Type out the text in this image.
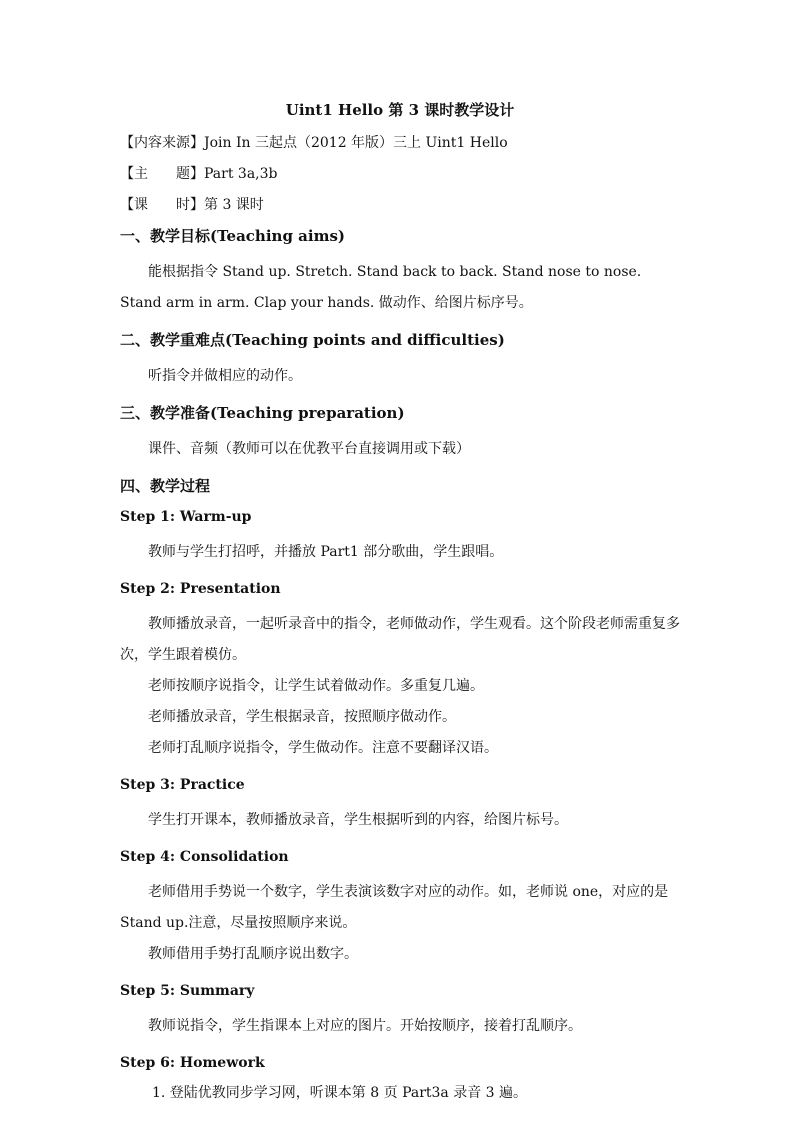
Uint1 Hello 第 3 课时教学设计
【内容来源】Join In 三起点（2012 年版）三上 Uint1 Hello
【主　　题】Part 3a,3b
【课　　时】第 3 课时
一、教学目标(Teaching aims)

能根据指令 Stand up. Stretch. Stand back to back. Stand nose to nose. Stand arm in arm. Clap your hands. 做动作、给图片标序号。

二、教学重难点(Teaching points and difficulties)

听指令并做相应的动作。

三、教学准备(Teaching preparation)

课件、音频（教师可以在优教平台直接调用或下载）

四、教学过程
Step 1: Warm-up

教师与学生打招呼，并播放 Part1 部分歌曲，学生跟唱。

Step 2: Presentation

教师播放录音，一起听录音中的指令，老师做动作，学生观看。这个阶段老师需重复多次，学生跟着模仿。

老师按顺序说指令，让学生试着做动作。多重复几遍。

老师播放录音，学生根据录音，按照顺序做动作。

老师打乱顺序说指令，学生做动作。注意不要翻译汉语。

Step 3: Practice

学生打开课本，教师播放录音，学生根据听到的内容，给图片标号。

Step 4: Consolidation

老师借用手势说一个数字，学生表演该数字对应的动作。如，老师说 one，对应的是 Stand up.注意，尽量按照顺序来说。

教师借用手势打乱顺序说出数字。

Step 5: Summary

教师说指令，学生指课本上对应的图片。开始按顺序，接着打乱顺序。

Step 6: Homework
1. 登陆优教同步学习网，听课本第 8 页 Part3a 录音 3 遍。
